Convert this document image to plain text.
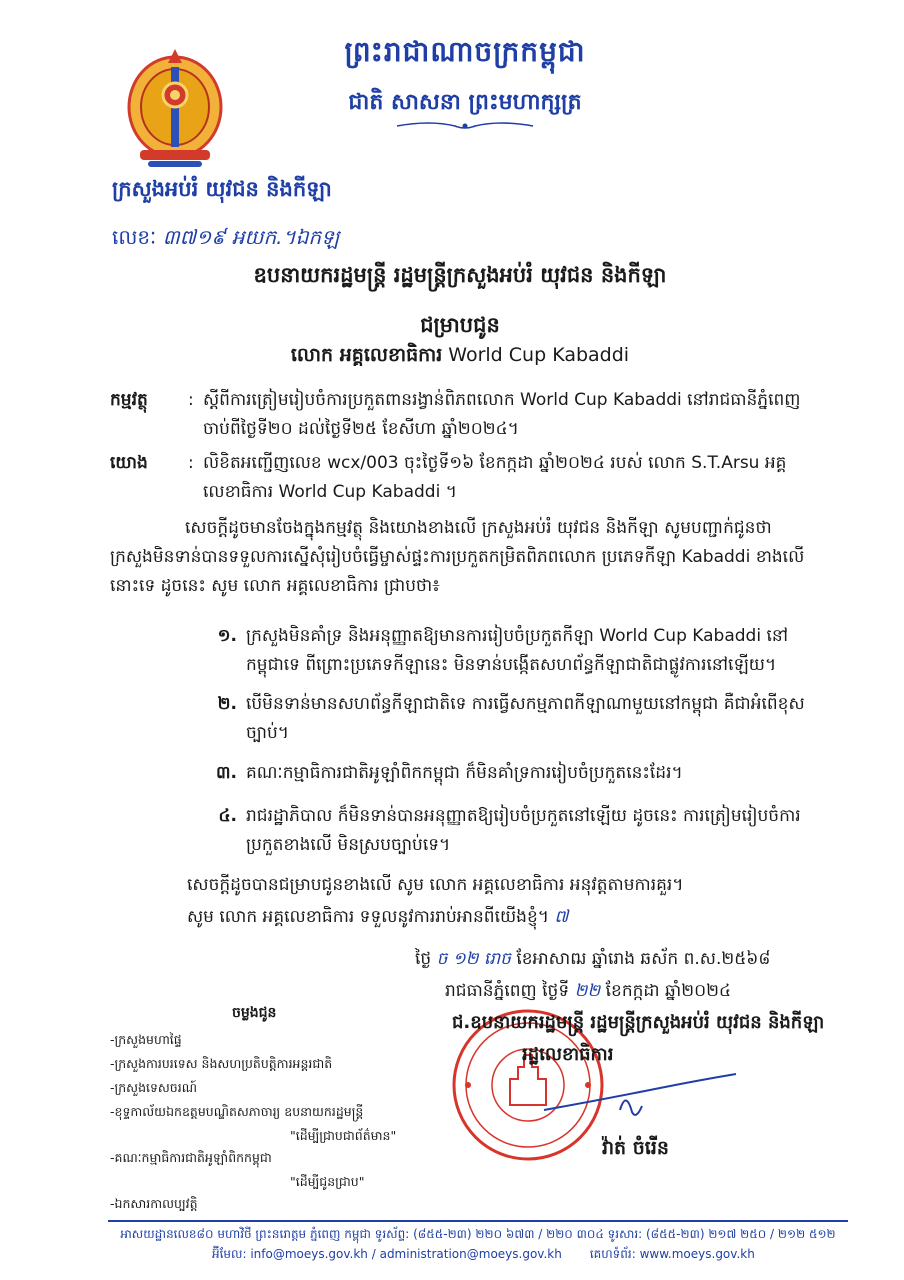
ព្រះរាជាណាចក្រកម្ពុជា
ជាតិ សាសនា ព្រះមហាក្សត្រ
ក្រសួងអប់រំ យុវជន និងកីឡា
លេខៈ ៣៧១៩ អយក.។ឯកឡ
ឧបនាយករដ្ឋមន្ត្រី រដ្ឋមន្ត្រីក្រសួងអប់រំ យុវជន និងកីឡា
ជម្រាបជូន
លោក អគ្គលេខាធិការ World Cup Kabaddi
កម្មវត្ថុ : ស្តីពីការត្រៀមរៀបចំការប្រកួតពានរង្វាន់ពិភពលោក World Cup Kabaddi នៅរាជធានីភ្នំពេញ ចាប់ពីថ្ងៃទី២០ ដល់ថ្ងៃទី២៥ ខែសីហា ឆ្នាំ២០២៤។
យោង : លិខិតអញ្ជើញលេខ wcx/003 ចុះថ្ងៃទី១៦ ខែកក្កដា ឆ្នាំ២០២៤ របស់ លោក S.T.Arsu អគ្គលេខាធិការ World Cup Kabaddi ។
សេចក្តីដូចមានចែងក្នុងកម្មវត្ថុ និងយោងខាងលើ ក្រសួងអប់រំ យុវជន និងកីឡា សូមបញ្ជាក់ជូនថា ក្រសួងមិនទាន់បានទទួលការស្នើសុំរៀបចំធ្វើម្ចាស់ផ្ទះការប្រកួតកម្រិតពិភពលោក ប្រភេទកីឡា Kabaddi ខាងលើនោះទេ ដូចនេះ សូម លោក អគ្គលេខាធិការ ជ្រាបថា៖
១. ក្រសួងមិនគាំទ្រ និងអនុញ្ញាតឱ្យមានការរៀបចំប្រកួតកីឡា World Cup Kabaddi នៅកម្ពុជាទេ ពីព្រោះប្រភេទកីឡានេះ មិនទាន់បង្កើតសហព័ន្ធកីឡាជាតិជាផ្លូវការនៅឡើយ។
២. បើមិនទាន់មានសហព័ន្ធកីឡាជាតិទេ ការធ្វើសកម្មភាពកីឡាណាមួយនៅកម្ពុជា គឺជាអំពើខុសច្បាប់។
៣. គណៈកម្មាធិការជាតិអូឡាំពិកកម្ពុជា ក៏មិនគាំទ្រការរៀបចំប្រកួតនេះដែរ។
៤. រាជរដ្ឋាភិបាល ក៏មិនទាន់បានអនុញ្ញាតឱ្យរៀបចំប្រកួតនៅឡើយ ដូចនេះ ការត្រៀមរៀបចំការប្រកួតខាងលើ មិនស្របច្បាប់ទេ។
សេចក្តីដូចបានជម្រាបជូនខាងលើ សូម លោក អគ្គលេខាធិការ អនុវត្តតាមការគួរ។
សូម លោក អគ្គលេខាធិការ ទទួលនូវការរាប់អានពីយើងខ្ញុំ។ ៧
ថ្ងៃ ច ១២ រោច ខែអាសាឍ ឆ្នាំរោង ឆស័ក ព.ស.២៥៦៨
រាជធានីភ្នំពេញ ថ្ងៃទី ២២ ខែកក្កដា ឆ្នាំ២០២៤
ជ.ឧបនាយករដ្ឋមន្ត្រី រដ្ឋមន្ត្រីក្រសួងអប់រំ យុវជន និងកីឡា
រដ្ឋលេខាធិការ
វ៉ាត់ ចំរើន
ចម្លងជូន
-ក្រសួងមហាផ្ទៃ
-ក្រសួងការបរទេស និងសហប្រតិបត្តិការអន្តរជាតិ
-ក្រសួងទេសចរណ៍
-ខុទ្ទកាល័យឯកឧត្តមបណ្ឌិតសភាចារ្យ ឧបនាយករដ្ឋមន្ត្រី
"ដើម្បីជ្រាបជាព័ត៌មាន"
-គណៈកម្មាធិការជាតិអូឡាំពិកកម្ពុជា
"ដើម្បីជូនជ្រាប"
-ឯកសារកាលប្បវត្តិ
អាសយដ្ឋានលេខ៨០ មហាវិថី ព្រះនរោត្តម ភ្នំពេញ កម្ពុជា ទូរស័ព្ទ: (៨៥៥-២៣) ២២០ ៦៧៣ / ២២០ ៣០៤ ទូរសារ: (៨៥៥-២៣) ២១៧ ២៥០ / ២១២ ៥១២
អ៊ីមែល: info@moeys.gov.kh / administration@moeys.gov.kh គេហទំព័រ: www.moeys.gov.kh
